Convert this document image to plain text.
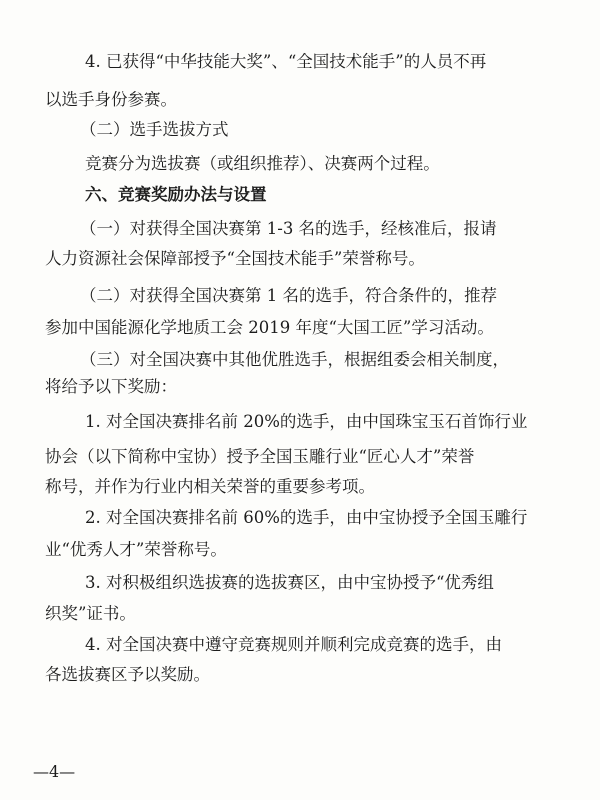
4. 已获得“中华技能大奖”、“全国技术能手”的人员不再
以选手身份参赛。
（二）选手选拔方式
竞赛分为选拔赛（或组织推荐）、决赛两个过程。
六、竞赛奖励办法与设置
（一）对获得全国决赛第 1-3 名的选手，经核准后，报请
人力资源社会保障部授予“全国技术能手”荣誉称号。
（二）对获得全国决赛第 1 名的选手，符合条件的，推荐
参加中国能源化学地质工会 2019 年度“大国工匠”学习活动。
（三）对全国决赛中其他优胜选手，根据组委会相关制度，
将给予以下奖励：
1. 对全国决赛排名前 20%的选手，由中国珠宝玉石首饰行业
协会（以下简称中宝协）授予全国玉雕行业“匠心人才”荣誉
称号，并作为行业内相关荣誉的重要参考项。
2. 对全国决赛排名前 60%的选手，由中宝协授予全国玉雕行
业“优秀人才”荣誉称号。
3. 对积极组织选拔赛的选拔赛区，由中宝协授予“优秀组
织奖”证书。
4. 对全国决赛中遵守竞赛规则并顺利完成竞赛的选手，由
各选拔赛区予以奖励。
—4—
